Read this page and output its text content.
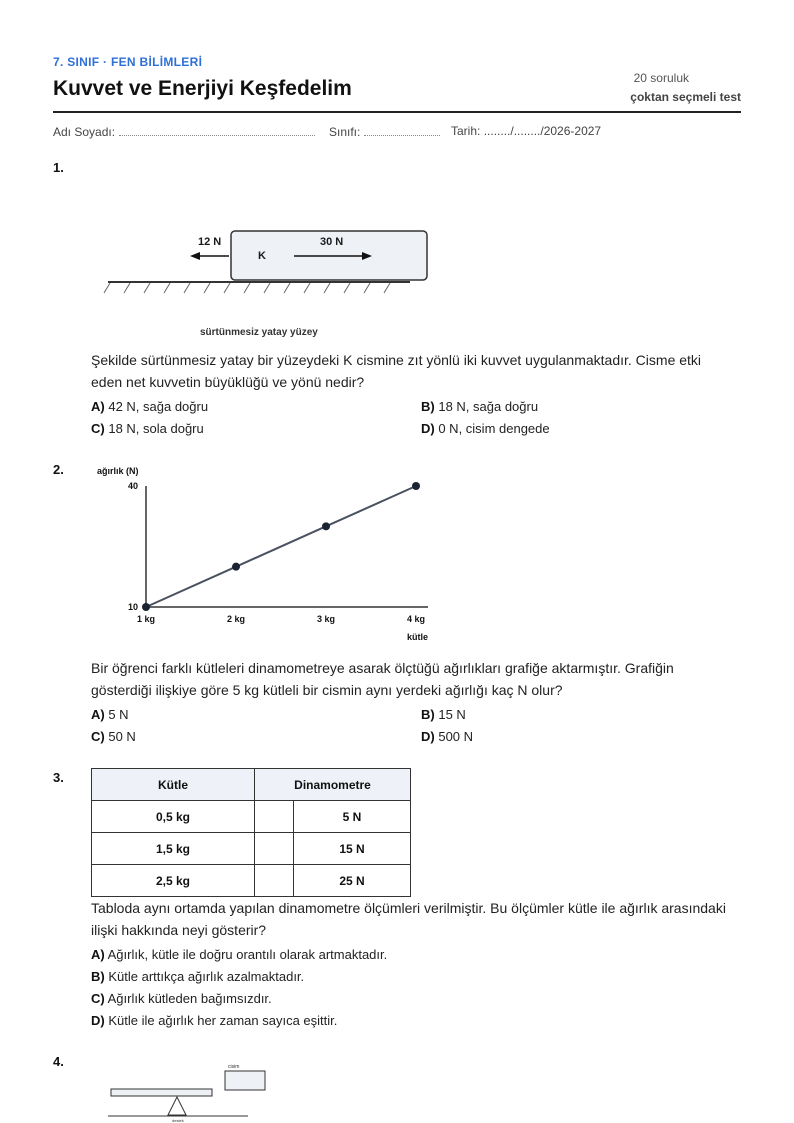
7. SINIF · FEN BİLİMLERİ
Kuvvet ve Enerjiyi Keşfedelim	20 soruluk
çoktan seçmeli test
Adı Soyadı:	Sınıfı:	Tarih: ......../......../2026-2027
1.
12 N	30 N
K
sürtünmesiz yatay yüzey
Şekilde sürtünmesiz yatay bir yüzeydeki K cismine zıt yönlü iki kuvvet uygulanmaktadır. Cisme etki eden net kuvvetin büyüklüğü ve yönü nedir?
A) 42 N, sağa doğru	B) 18 N, sağa doğru
C) 18 N, sola doğru	D) 0 N, cisim dengede
2.	ağırlık (N)
10
40
1 kg	2 kg	3 kg	4 kg
kütle
Bir öğrenci farklı kütleleri dinamometreye asarak ölçtüğü ağırlıkları grafiğe aktarmıştır. Grafiğin gösterdiği ilişkiye göre 5 kg kütleli bir cismin aynı yerdeki ağırlığı kaç N olur?
A) 5 N	B) 15 N
C) 50 N	D) 500 N
3.	Kütle	Dinamometre	
0,5 kg		5 N
1,5 kg		15 N
2,5 kg		25 N
Tabloda aynı ortamda yapılan dinamometre ölçümleri verilmiştir. Bu ölçümler kütle ile ağırlık arasındaki ilişki hakkında neyi gösterir?
A) Ağırlık, kütle ile doğru orantılı olarak artmaktadır.
B) Kütle arttıkça ağırlık azalmaktadır.
C) Ağırlık kütleden bağımsızdır.
D) Kütle ile ağırlık her zaman sayıca eşittir.
4.	cisim
destek
